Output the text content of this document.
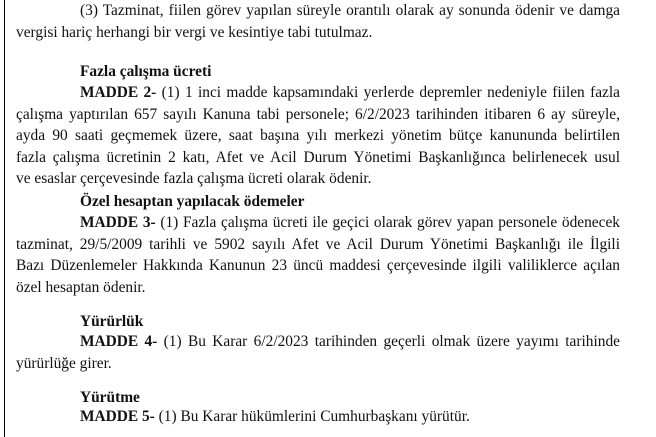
(3) Tazminat, fiilen görev yapılan süreyle orantılı olarak ay sonunda ödenir ve damga
vergisi hariç herhangi bir vergi ve kesintiye tabi tutulmaz.
Fazla çalışma ücreti
MADDE 2- (1) 1 inci madde kapsamındaki yerlerde depremler nedeniyle fiilen fazla
çalışma yaptırılan 657 sayılı Kanuna tabi personele; 6/2/2023 tarihinden itibaren 6 ay süreyle,
ayda 90 saati geçmemek üzere, saat başına yılı merkezi yönetim bütçe kanununda belirtilen
fazla çalışma ücretinin 2 katı, Afet ve Acil Durum Yönetimi Başkanlığınca belirlenecek usul
ve esaslar çerçevesinde fazla çalışma ücreti olarak ödenir.
Özel hesaptan yapılacak ödemeler
MADDE 3- (1) Fazla çalışma ücreti ile geçici olarak görev yapan personele ödenecek
tazminat, 29/5/2009 tarihli ve 5902 sayılı Afet ve Acil Durum Yönetimi Başkanlığı ile İlgili
Bazı Düzenlemeler Hakkında Kanunun 23 üncü maddesi çerçevesinde ilgili valiliklerce açılan
özel hesaptan ödenir.
Yürürlük
MADDE 4- (1) Bu Karar 6/2/2023 tarihinden geçerli olmak üzere yayımı tarihinde
yürürlüğe girer.
Yürütme
MADDE 5- (1) Bu Karar hükümlerini Cumhurbaşkanı yürütür.
